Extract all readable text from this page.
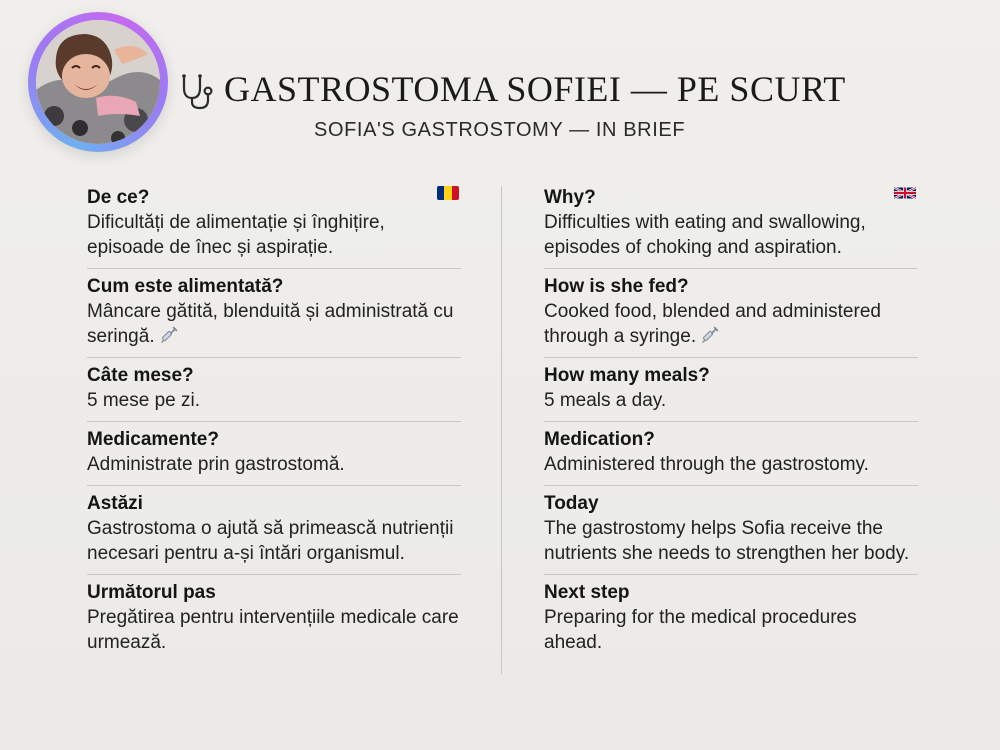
GASTROSTOMA SOFIEI — PE SCURT
SOFIA'S GASTROSTOMY — IN BRIEF
De ce?
Dificultăți de alimentație și înghițire, episoade de înec și aspirație.
Cum este alimentată?
Mâncare gătită, blenduită și administrată cu seringă.
Câte mese?
5 mese pe zi.
Medicamente?
Administrate prin gastrostomă.
Astăzi
Gastrostoma o ajută să primească nutrienții necesari pentru a-și întări organismul.
Următorul pas
Pregătirea pentru intervențiile medicale care urmează.
Why?
Difficulties with eating and swallowing, episodes of choking and aspiration.
How is she fed?
Cooked food, blended and administered through a syringe.
How many meals?
5 meals a day.
Medication?
Administered through the gastrostomy.
Today
The gastrostomy helps Sofia receive the nutrients she needs to strengthen her body.
Next step
Preparing for the medical procedures ahead.
